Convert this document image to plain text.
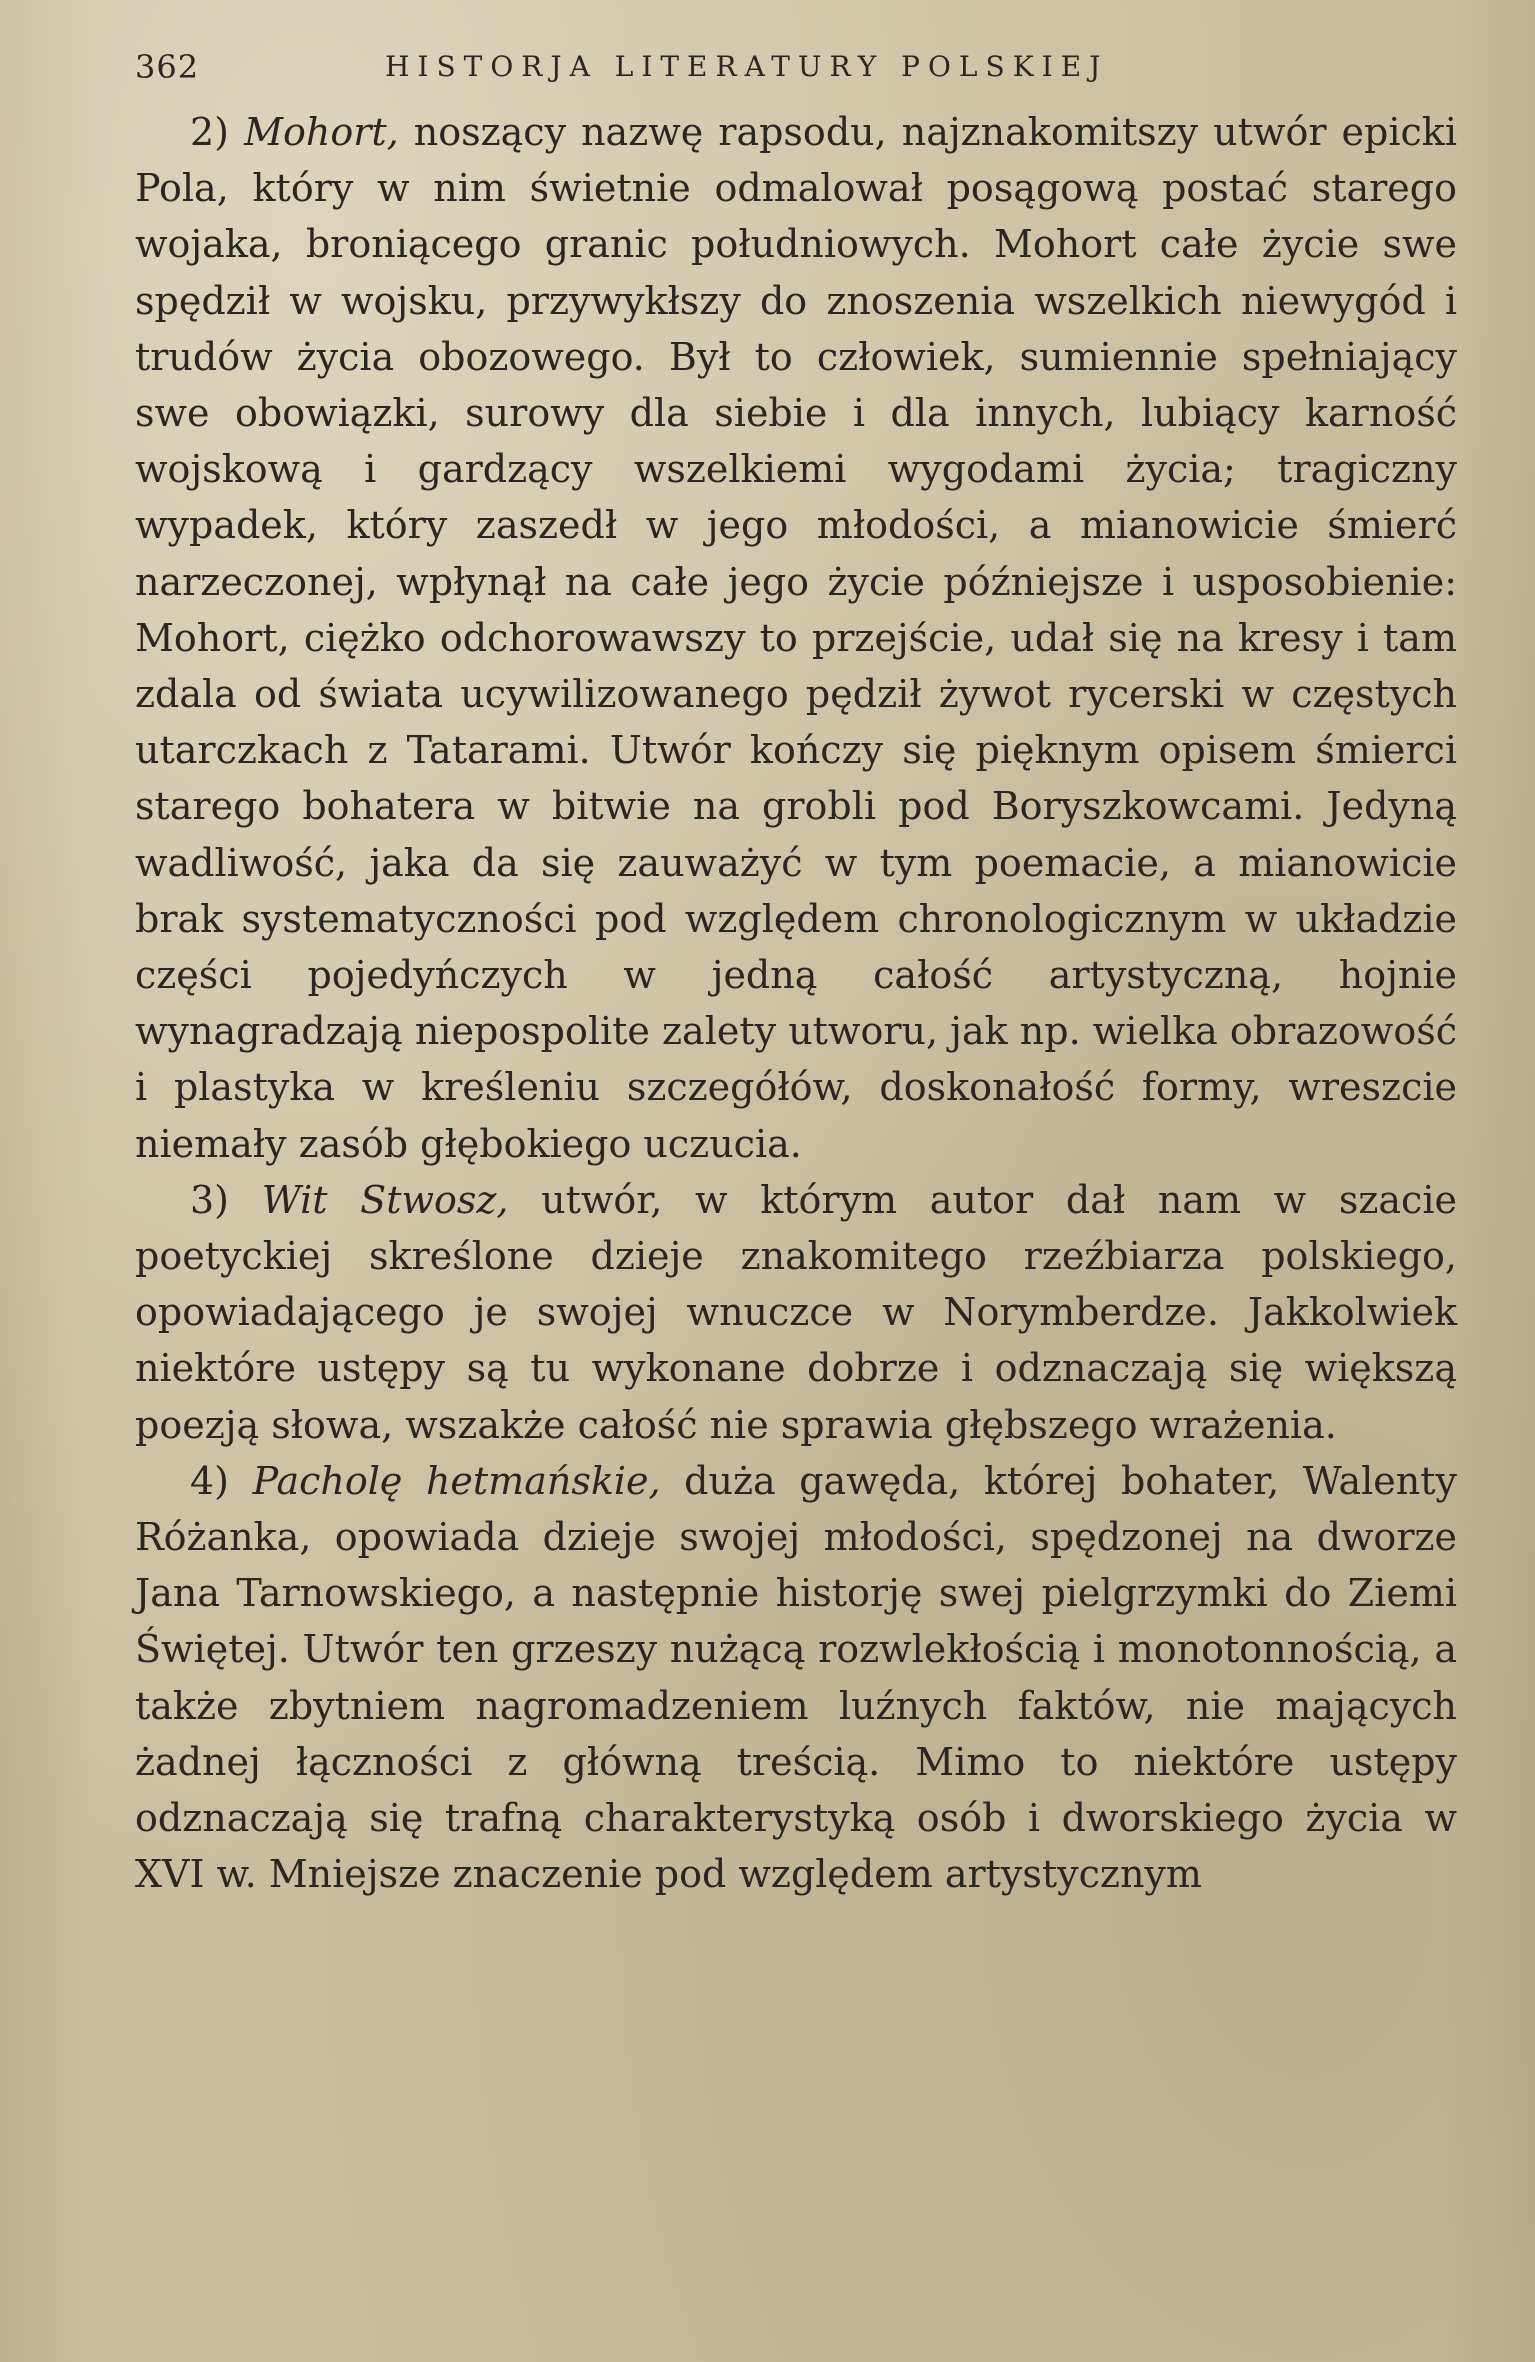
362	HISTORJA LITERATURY POLSKIEJ

2) Mohort, noszący nazwę rapsodu, najznakomitszy utwór epicki Pola, który w nim świetnie odmalował posągową postać starego wojaka, broniącego granic południowych. Mohort całe życie swe spędził w wojsku, przywykłszy do znoszenia wszelkich niewygód i trudów życia obozowego. Był to człowiek, sumiennie spełniający swe obowiązki, surowy dla siebie i dla innych, lubiący karność wojskową i gardzący wszelkiemi wygodami życia; tragiczny wypadek, który zaszedł w jego młodości, a mianowicie śmierć narzeczonej, wpłynął na całe jego życie późniejsze i usposobienie: Mohort, ciężko odchorowawszy to przejście, udał się na kresy i tam zdala od świata ucywilizowanego pędził żywot rycerski w częstych utarczkach z Tatarami. Utwór kończy się pięknym opisem śmierci starego bohatera w bitwie na grobli pod Boryszkowcami. Jedyną wadliwość, jaka da się zauważyć w tym poemacie, a mianowicie brak systematyczności pod względem chronologicznym w układzie części pojedyńczych w jedną całość artystyczną, hojnie wynagradzają niepospolite zalety utworu, jak np. wielka obrazowość i plastyka w kreśleniu szczegółów, doskonałość formy, wreszcie niemały zasób głębokiego uczucia.

3) Wit Stwosz, utwór, w którym autor dał nam w szacie poetyckiej skreślone dzieje znakomitego rzeźbiarza polskiego, opowiadającego je swojej wnuczce w Norymberdze. Jakkolwiek niektóre ustępy są tu wykonane dobrze i odznaczają się większą poezją słowa, wszakże całość nie sprawia głębszego wrażenia.

4) Pacholę hetmańskie, duża gawęda, której bohater, Walenty Różanka, opowiada dzieje swojej młodości, spędzonej na dworze Jana Tarnowskiego, a następnie historję swej pielgrzymki do Ziemi Świętej. Utwór ten grzeszy nużącą rozwlekłością i monotonnością, a także zbytniem nagromadzeniem luźnych faktów, nie mających żadnej łączności z główną treścią. Mimo to niektóre ustępy odznaczają się trafną charakterystyką osób i dworskiego życia w XVI w. Mniejsze znaczenie pod względem artystycznym
